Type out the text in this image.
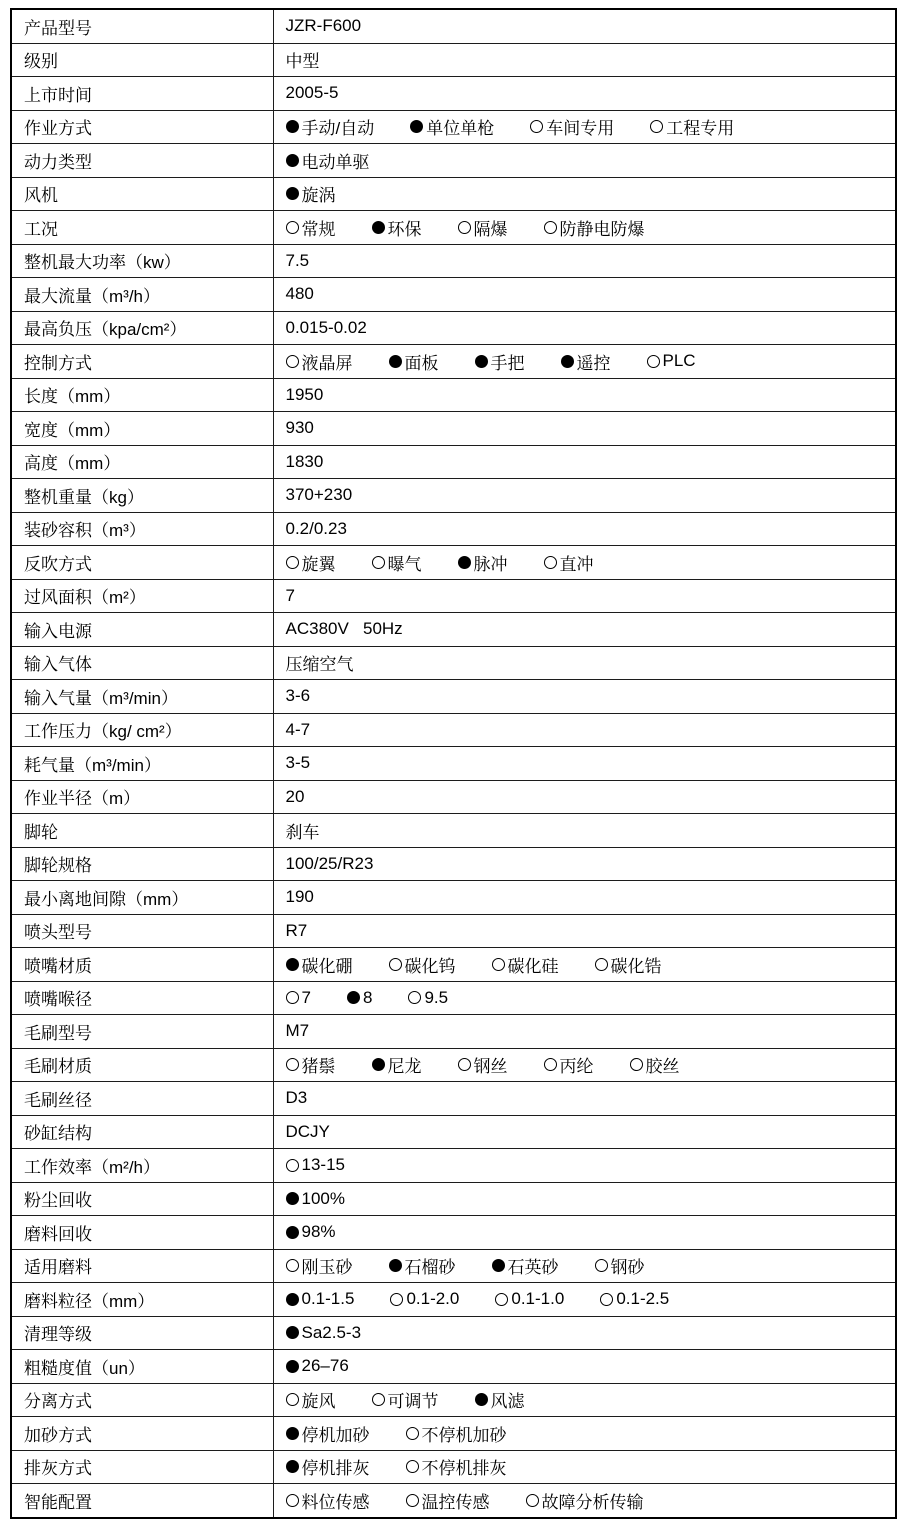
产品型号	JZR-F600
级别	中型
上市时间	2005-5
作业方式	手动/自动 单位单枪 车间专用 工程专用

动力类型	电动单驱

风机	旋涡

工况	常规 环保 隔爆 防静电防爆

整机最大功率（kw）	7.5
最大流量（m³/h）	480
最高负压（kpa/cm²）	0.015-0.02
控制方式	液晶屏 面板 手把 遥控 PLC

长度（mm）	1950
宽度（mm）	930
高度（mm）	1830
整机重量（kg）	370+230
装砂容积（m³）	0.2/0.23
反吹方式	旋翼 曝气 脉冲 直冲

过风面积（m²）	7
输入电源	AC380V   50Hz
输入气体	压缩空气
输入气量（m³/min）	3-6
工作压力（kg/ cm²）	4-7
耗气量（m³/min）	3-5
作业半径（m）	20
脚轮	刹车
脚轮规格	100/25/R23
最小离地间隙（mm）	190
喷头型号	R7
喷嘴材质	碳化硼 碳化钨 碳化硅 碳化锆

喷嘴喉径	7 8 9.5

毛刷型号	M7
毛刷材质	猪鬃 尼龙 钢丝 丙纶 胶丝

毛刷丝径	D3
砂缸结构	DCJY
工作效率（m²/h）	13-15

粉尘回收	100%

磨料回收	98%

适用磨料	刚玉砂 石榴砂 石英砂 钢砂

磨料粒径（mm）	0.1-1.5 0.1-2.0 0.1-1.0 0.1-2.5

清理等级	Sa2.5-3

粗糙度值（un）	26–76

分离方式	旋风 可调节 风滤

加砂方式	停机加砂 不停机加砂

排灰方式	停机排灰 不停机排灰

智能配置	料位传感 温控传感 故障分析传输
